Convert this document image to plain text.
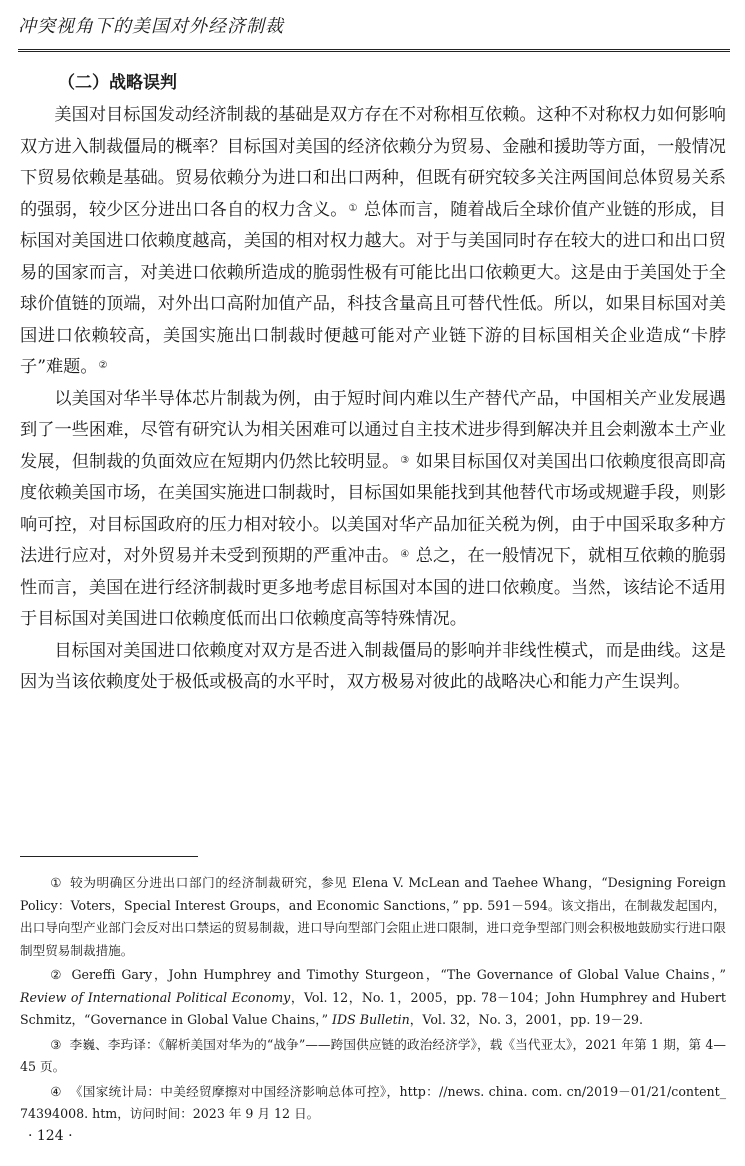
冲突视角下的美国对外经济制裁
（二）战略误判

美国对目标国发动经济制裁的基础是双方存在不对称相互依赖。这种不对称权力如何影响双方进入制裁僵局的概率？目标国对美国的经济依赖分为贸易、金融和援助等方面，一般情况下贸易依赖是基础。贸易依赖分为进口和出口两种，但既有研究较多关注两国间总体贸易关系的强弱，较少区分进出口各自的权力含义。① 总体而言，随着战后全球价值产业链的形成，目标国对美国进口依赖度越高，美国的相对权力越大。对于与美国同时存在较大的进口和出口贸易的国家而言，对美进口依赖所造成的脆弱性极有可能比出口依赖更大。这是由于美国处于全球价值链的顶端，对外出口高附加值产品，科技含量高且可替代性低。所以，如果目标国对美国进口依赖较高，美国实施出口制裁时便越可能对产业链下游的目标国相关企业造成“卡脖子”难题。②

以美国对华半导体芯片制裁为例，由于短时间内难以生产替代产品，中国相关产业发展遇到了一些困难，尽管有研究认为相关困难可以通过自主技术进步得到解决并且会刺激本土产业发展，但制裁的负面效应在短期内仍然比较明显。③ 如果目标国仅对美国出口依赖度很高即高度依赖美国市场，在美国实施进口制裁时，目标国如果能找到其他替代市场或规避手段，则影响可控，对目标国政府的压力相对较小。以美国对华产品加征关税为例，由于中国采取多种方法进行应对，对外贸易并未受到预期的严重冲击。④ 总之，在一般情况下，就相互依赖的脆弱性而言，美国在进行经济制裁时更多地考虑目标国对本国的进口依赖度。当然，该结论不适用于目标国对美国进口依赖度低而出口依赖度高等特殊情况。

目标国对美国进口依赖度对双方是否进入制裁僵局的影响并非线性模式，而是曲线。这是因为当该依赖度处于极低或极高的水平时，双方极易对彼此的战略决心和能力产生误判。

① 较为明确区分进出口部门的经济制裁研究，参见 Elena V. McLean and Taehee Whang，“Designing Foreign Policy：Voters，Special Interest Groups，and Economic Sanctions，” pp. 591－594。该文指出，在制裁发起国内，出口导向型产业部门会反对出口禁运的贸易制裁，进口导向型部门会阻止进口限制，进口竞争型部门则会积极地鼓励实行进口限制型贸易制裁措施。

② Gereffi Gary，John Humphrey and Timothy Sturgeon，“The Governance of Global Value Chains，” Review of International Political Economy，Vol. 12，No. 1，2005，pp. 78－104；John Humphrey and Hubert Schmitz，“Governance in Global Value Chains，” IDS Bulletin，Vol. 32，No. 3，2001，pp. 19－29.

③ 李巍、李玙译：《解析美国对华为的“战争”——跨国供应链的政治经济学》，载《当代亚太》，2021 年第 1 期，第 4—45 页。

④ 《国家统计局：中美经贸摩擦对中国经济影响总体可控》，http：//news. china. com. cn/2019－01/21/content_ 74394008. htm，访问时间：2023 年 9 月 12 日。

· 124 ·
